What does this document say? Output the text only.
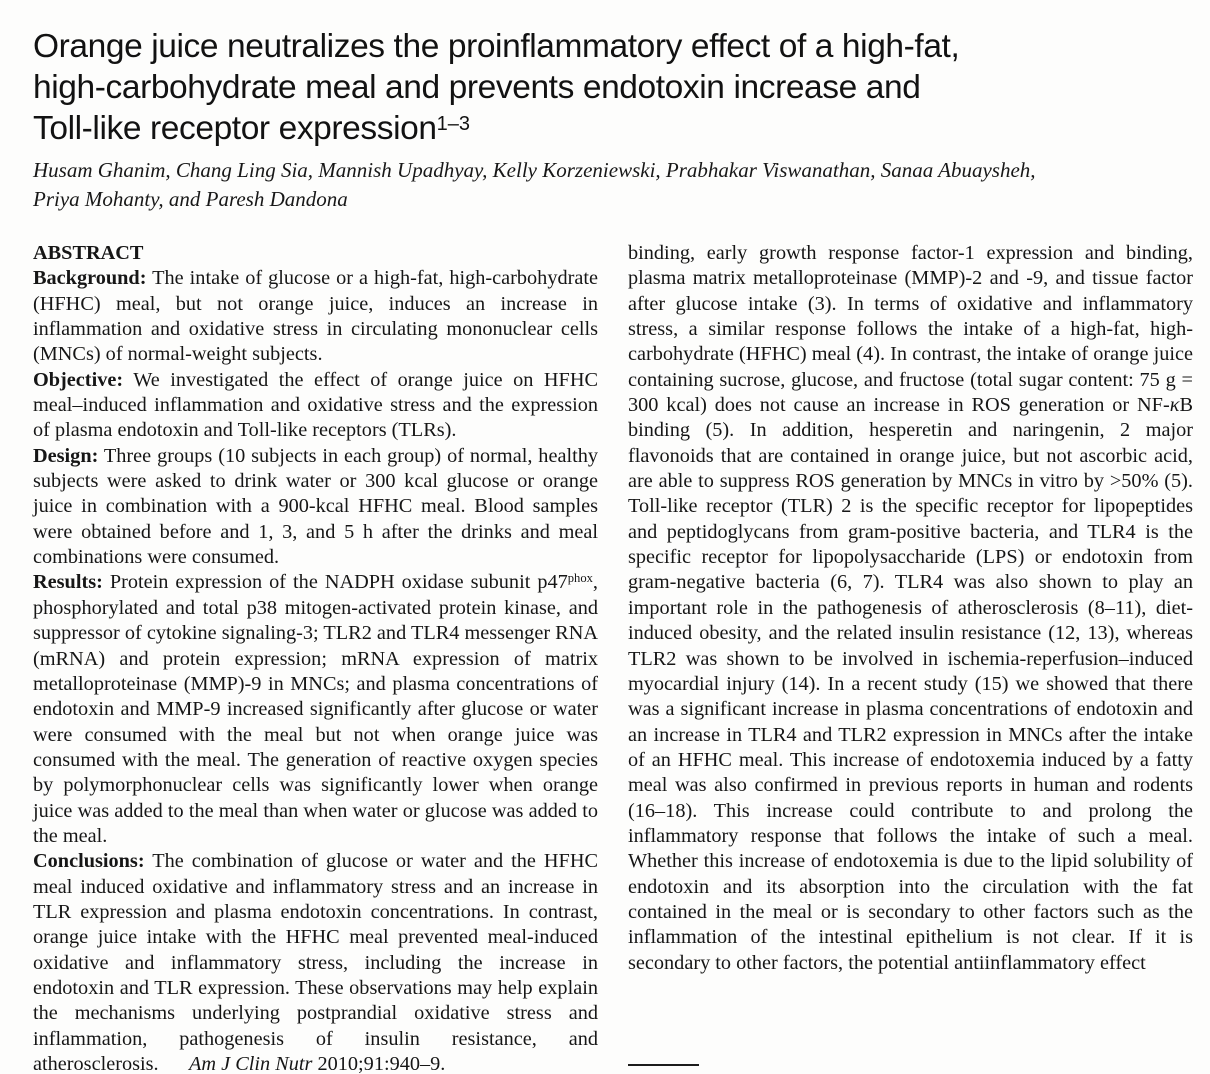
Orange juice neutralizes the proinflammatory effect of a high-fat,
high-carbohydrate meal and prevents endotoxin increase and
Toll-like receptor expression$^{1-3}$
Husam Ghanim, Chang Ling Sia, Mannish Upadhyay, Kelly Korzeniewski, Prabhakar Viswanathan, Sanaa Abuaysheh,
Priya Mohanty, and Paresh Dandona

ABSTRACT

Background: The intake of glucose or a high-fat, high-carbohydrate (HFHC) meal, but not orange juice, induces an increase in inflammation and oxidative stress in circulating mononuclear cells (MNCs) of normal-weight subjects.

Objective: We investigated the effect of orange juice on HFHC meal–induced inflammation and oxidative stress and the expression of plasma endotoxin and Toll-like receptors (TLRs).

Design: Three groups (10 subjects in each group) of normal, healthy subjects were asked to drink water or 300 kcal glucose or orange juice in combination with a 900-kcal HFHC meal. Blood samples were obtained before and 1, 3, and 5 h after the drinks and meal combinations were consumed.

Results: Protein expression of the NADPH oxidase subunit $p47^{phox}$, phosphorylated and total p38 mitogen-activated protein kinase, and suppressor of cytokine signaling-3; TLR2 and TLR4 messenger RNA (mRNA) and protein expression; mRNA expression of matrix metalloproteinase (MMP)-9 in MNCs; and plasma concentrations of endotoxin and MMP-9 increased significantly after glucose or water were consumed with the meal but not when orange juice was consumed with the meal. The generation of reactive oxygen species by polymorphonuclear cells was significantly lower when orange juice was added to the meal than when water or glucose was added to the meal.

Conclusions: The combination of glucose or water and the HFHC meal induced oxidative and inflammatory stress and an increase in TLR expression and plasma endotoxin concentrations. In contrast, orange juice intake with the HFHC meal prevented meal-induced oxidative and inflammatory stress, including the increase in endotoxin and TLR expression. These observations may help explain the mechanisms underlying postprandial oxidative stress and inflammation, pathogenesis of insulin resistance, and atherosclerosis.  Am J Clin Nutr 2010;91:940–9.

binding, early growth response factor-1 expression and binding, plasma matrix metalloproteinase (MMP)-2 and -9, and tissue factor after glucose intake (3). In terms of oxidative and inflammatory stress, a similar response follows the intake of a high-fat, high-carbohydrate (HFHC) meal (4). In contrast, the intake of orange juice containing sucrose, glucose, and fructose (total sugar content: 75 g = 300 kcal) does not cause an increase in ROS generation or NF-κB binding (5). In addition, hesperetin and naringenin, 2 major flavonoids that are contained in orange juice, but not ascorbic acid, are able to suppress ROS generation by MNCs in vitro by >50% (5). Toll-like receptor (TLR) 2 is the specific receptor for lipopeptides and peptidoglycans from gram-positive bacteria, and TLR4 is the specific receptor for lipopolysaccharide (LPS) or endotoxin from gram-negative bacteria (6, 7). TLR4 was also shown to play an important role in the pathogenesis of atherosclerosis (8–11), diet-induced obesity, and the related insulin resistance (12, 13), whereas TLR2 was shown to be involved in ischemia-reperfusion–induced myocardial injury (14). In a recent study (15) we showed that there was a significant increase in plasma concentrations of endotoxin and an increase in TLR4 and TLR2 expression in MNCs after the intake of an HFHC meal. This increase of endotoxemia induced by a fatty meal was also confirmed in previous reports in human and rodents (16–18). This increase could contribute to and prolong the inflammatory response that follows the intake of such a meal. Whether this increase of endotoxemia is due to the lipid solubility of endotoxin and its absorption into the circulation with the fat contained in the meal or is secondary to other factors such as the inflammation of the intestinal epithelium is not clear. If it is secondary to other factors, the potential antiinflammatory effect
